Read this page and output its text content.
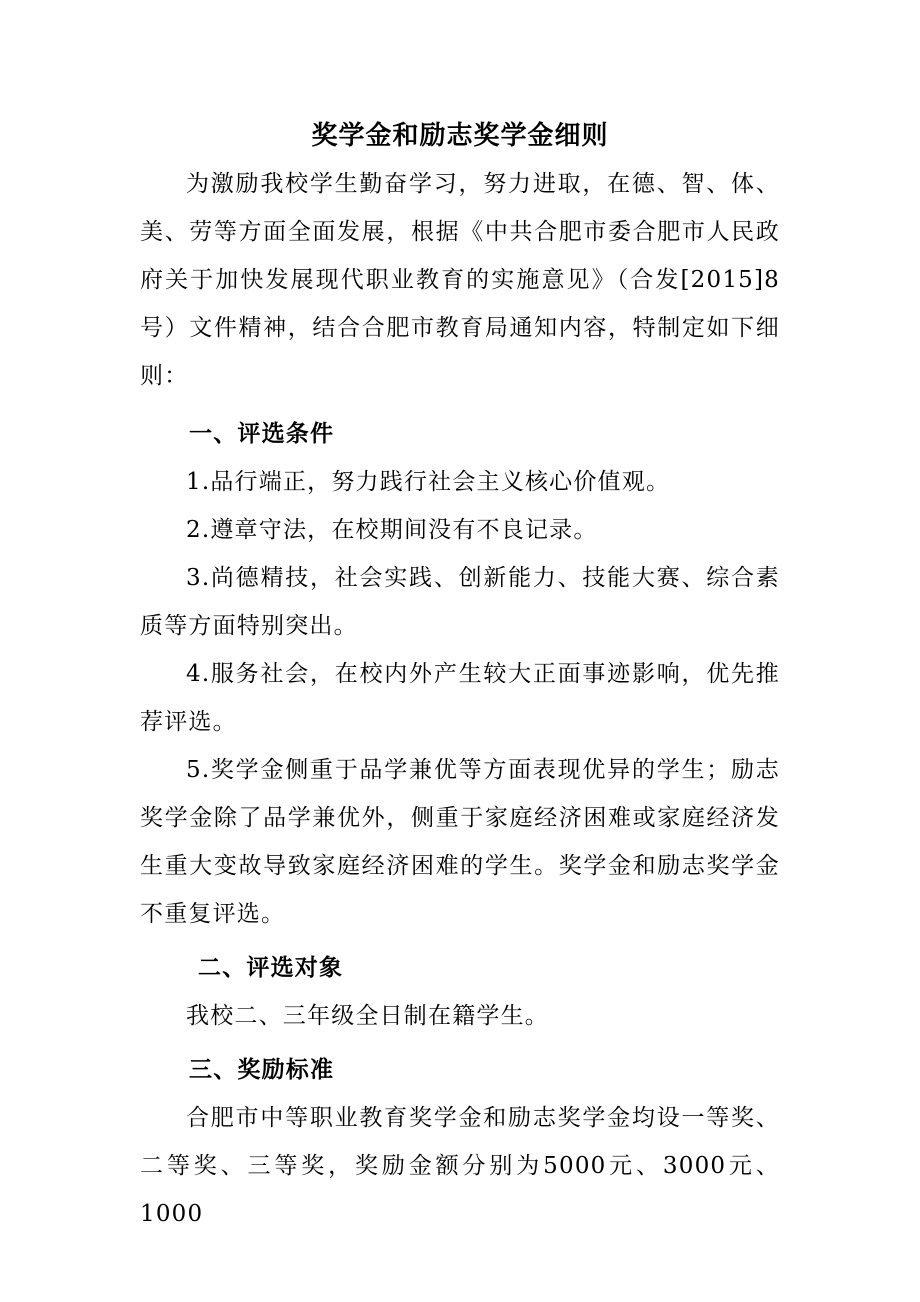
奖学金和励志奖学金细则

为激励我校学生勤奋学习，努力进取，在德、智、体、美、劳等方面全面发展，根据《中共合肥市委合肥市人民政府关于加快发展现代职业教育的实施意见》（合发[2015]8号）文件精神，结合合肥市教育局通知内容，特制定如下细则：

一、评选条件

1.品行端正，努力践行社会主义核心价值观。

2.遵章守法，在校期间没有不良记录。

3.尚德精技，社会实践、创新能力、技能大赛、综合素质等方面特别突出。

4.服务社会，在校内外产生较大正面事迹影响，优先推荐评选。

5.奖学金侧重于品学兼优等方面表现优异的学生；励志奖学金除了品学兼优外，侧重于家庭经济困难或家庭经济发生重大变故导致家庭经济困难的学生。奖学金和励志奖学金不重复评选。

二、评选对象

我校二、三年级全日制在籍学生。

三、奖励标准

合肥市中等职业教育奖学金和励志奖学金均设一等奖、二等奖、三等奖，奖励金额分别为5000元、3000元、1000
